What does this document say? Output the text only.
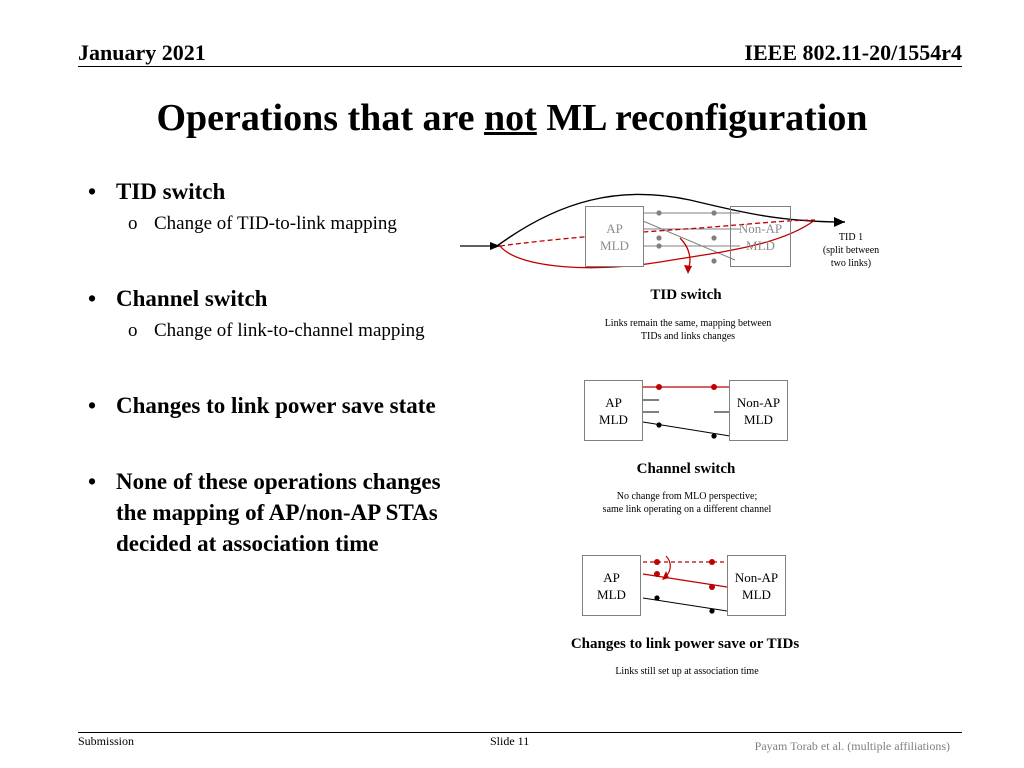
January 2021	IEEE 802.11-20/1554r4
Operations that are not ML reconfiguration
• TID switch
o Change of TID-to-link mapping
• Channel switch
o Change of link-to-channel mapping
• Changes to link power save state
• None of these operations changes
the mapping of AP/non-AP STAs
decided at association time
AP
MLD
Non-AP
MLD	TID 1
(split between
two links)
TID switch
Links remain the same, mapping between
TIDs and links changes
AP
MLD
Non-AP
MLD
Channel switch
No change from MLO perspective;
same link operating on a different channel
AP
MLD
Non-AP
MLD
Changes to link power save or TIDs
Links still set up at association time
Submission	Slide 11	Payam Torab et al. (multiple affiliations)
